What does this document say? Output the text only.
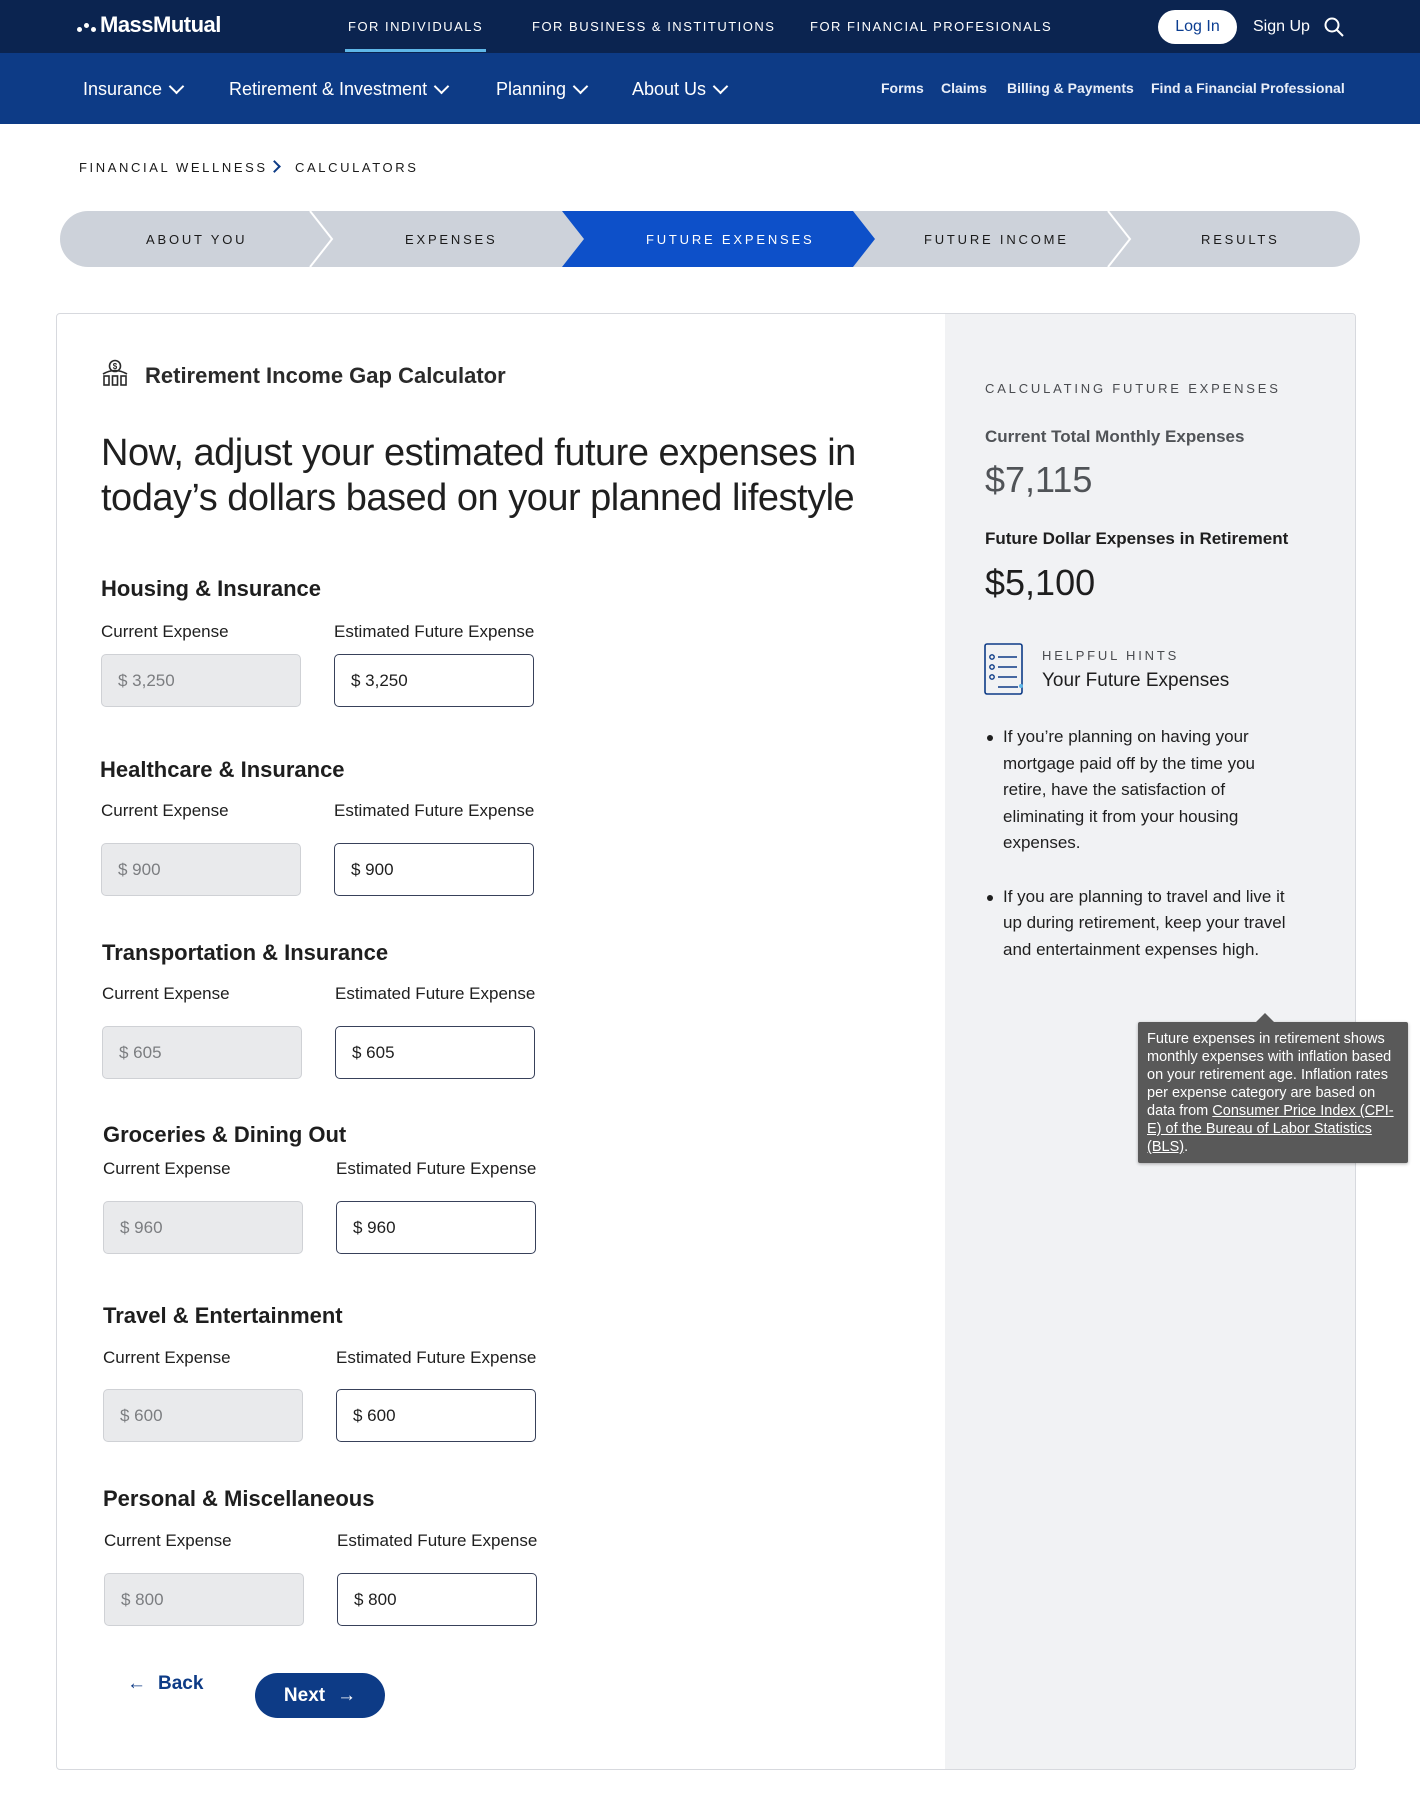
MassMutual	FOR INDIVIDUALS	FOR BUSINESS & INSTITUTIONS	FOR FINANCIAL PROFESIONALS	Log In	Sign Up
Insurance	Retirement & Investment	Planning	About Us	Forms Claims Billing & Payments Find a Financial Professional
FINANCIAL WELLNESS CALCULATORS
ABOUT YOU	EXPENSES	FUTURE EXPENSES	FUTURE INCOME	RESULTS
$ Retirement Income Gap Calculator
Now, adjust your estimated future expenses in today’s dollars based on your planned lifestyle
Housing & Insurance
Current Expense	Estimated Future Expense
$ 3,250	$ 3,250
Healthcare & Insurance
Current Expense	Estimated Future Expense
$ 900	$ 900
Transportation & Insurance
Current Expense	Estimated Future Expense
$ 605	$ 605
Groceries & Dining Out
Current Expense	Estimated Future Expense
$ 960	$ 960
Travel & Entertainment
Current Expense	Estimated Future Expense
$ 600	$ 600
Personal & Miscellaneous
Current Expense	Estimated Future Expense
$ 800	$ 800
← Back
Next →
CALCULATING FUTURE EXPENSES
Current Total Monthly Expenses
$7,115
Future Dollar Expenses in Retirement
$5,100
HELPFUL HINTS
Your Future Expenses
If you’re planning on having your mortgage paid off by the time you retire, have the satisfaction of eliminating it from your housing expenses.
If you are planning to travel and live it up during retirement, keep your travel and entertainment expenses high.
Future expenses in retirement shows monthly expenses with inflation based on your retirement age. Inflation rates per expense category are based on data from Consumer Price Index (CPI-E) of the Bureau of Labor Statistics (BLS).
